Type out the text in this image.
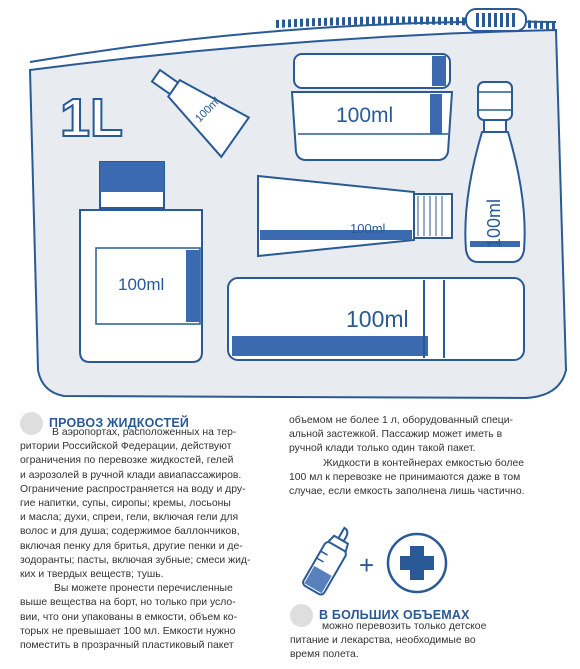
1L	100ml	100ml
100ml
100ml
100ml
100ml
ПРОВОЗ ЖИДКОСТЕЙ

В аэропортах, расположенных на тер-

ритории Российской Федерации, действуют

ограничения по перевозке жидкостей, гелей

и аэрозолей в ручной клади авиапассажиров.

Ограничение распространяется на воду и дру-

гие напитки, супы, сиропы; кремы, лосьоны

и масла; духи, спреи, гели, включая гели для

волос и для душа; содержимое баллончиков,

включая пенку для бритья, другие пенки и де-

зодоранты; пасты, включая зубные; смеси жид-

ких и твердых веществ; тушь.

Вы можете пронести перечисленные

выше вещества на борт, но только при усло-

вии, что они упакованы в емкости, объем ко-

торых не превышает 100 мл. Емкости нужно

поместить в прозрачный пластиковый пакет

объемом не более 1 л, оборудованный специ-

альной застежкой. Пассажир может иметь в

ручной клади только один такой пакет.

Жидкости в контейнерах емкостью более

100 мл к перевозке не принимаются даже в том

случае, если емкость заполнена лишь частично.

+
В БОЛЬШИХ ОБЪЕМАХ

можно перевозить только детское

питание и лекарства, необходимые во

время полета.
